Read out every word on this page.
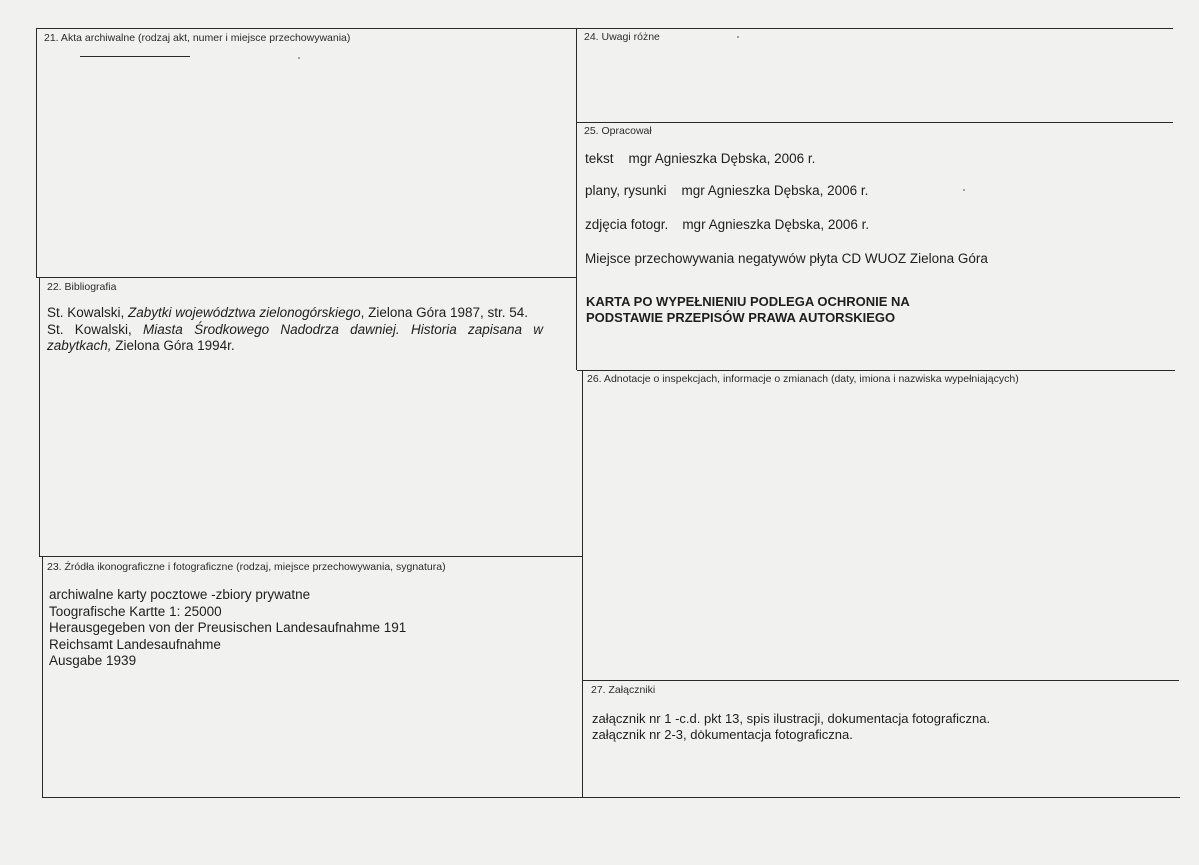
21. Akta archiwalne (rodzaj akt, numer i miejsce przechowywania)
22. Bibliografia
St. Kowalski, Zabytki województwa zielonogórskiego, Zielona Góra 1987, str. 54.
St. Kowalski, Miasta Środkowego Nadodrza dawniej. Historia zapisana w
zabytkach, Zielona Góra 1994r.
23. Źródła ikonograficzne i fotograficzne (rodzaj, miejsce przechowywania, sygnatura)
archiwalne karty pocztowe -zbiory prywatne
Toografische Kartte 1: 25000
Herausgegeben von der Preusischen Landesaufnahme 191
Reichsamt Landesaufnahme
Ausgabe 1939
24. Uwagi różne
25. Opracował
tekst mgr Agnieszka Dębska, 2006 r.
plany, rysunki mgr Agnieszka Dębska, 2006 r.
zdjęcia fotogr. mgr Agnieszka Dębska, 2006 r.
Miejsce przechowywania negatywów płyta CD WUOZ Zielona Góra
KARTA PO WYPEŁNIENIU PODLEGA OCHRONIE NA
PODSTAWIE PRZEPISÓW PRAWA AUTORSKIEGO
26. Adnotacje o inspekcjach, informacje o zmianach (daty, imiona i nazwiska wypełniających)
27. Załączniki
załącznik nr 1 -c.d. pkt 13, spis ilustracji, dokumentacja fotograficzna.
załącznik nr 2-3, dokumentacja fotograficzna.
